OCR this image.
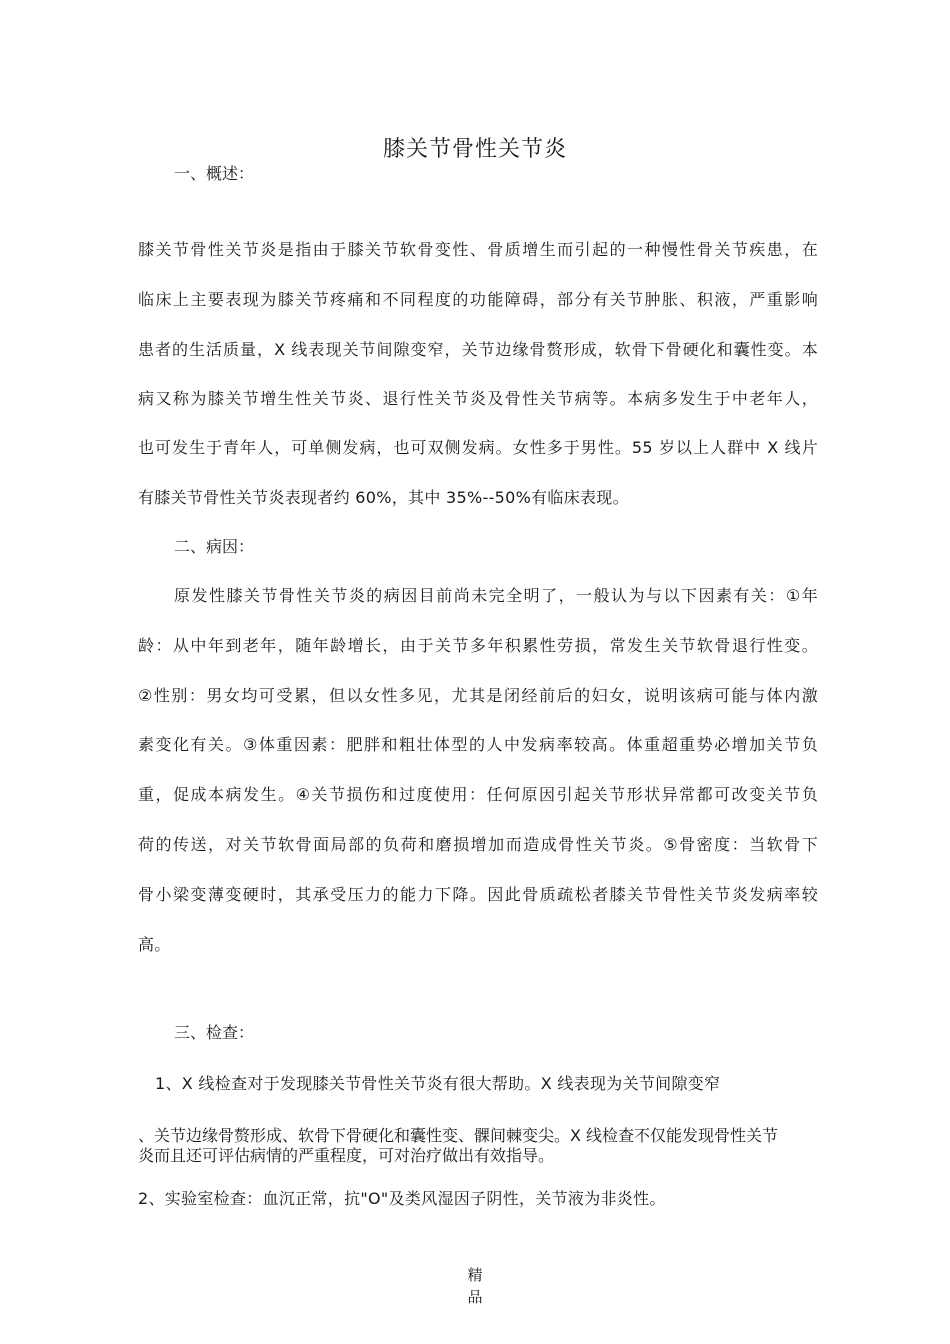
膝关节骨性关节炎
一、概述：
膝关节骨性关节炎是指由于膝关节软骨变性、骨质增生而引起的一种慢性骨关节疾患，在
临床上主要表现为膝关节疼痛和不同程度的功能障碍，部分有关节肿胀、积液，严重影响
患者的生活质量，X 线表现关节间隙变窄，关节边缘骨赘形成，软骨下骨硬化和囊性变。本
病又称为膝关节增生性关节炎、退行性关节炎及骨性关节病等。本病多发生于中老年人，
也可发生于青年人，可单侧发病，也可双侧发病。女性多于男性。55 岁以上人群中 X 线片
有膝关节骨性关节炎表现者约 60%，其中 35%--50%有临床表现。
二、病因：
原发性膝关节骨性关节炎的病因目前尚未完全明了，一般认为与以下因素有关：①年
龄：从中年到老年，随年龄增长，由于关节多年积累性劳损，常发生关节软骨退行性变。
②性别：男女均可受累，但以女性多见，尤其是闭经前后的妇女，说明该病可能与体内激
素变化有关。③体重因素：肥胖和粗壮体型的人中发病率较高。体重超重势必增加关节负
重，促成本病发生。④关节损伤和过度使用：任何原因引起关节形状异常都可改变关节负
荷的传送，对关节软骨面局部的负荷和磨损增加而造成骨性关节炎。⑤骨密度：当软骨下
骨小梁变薄变硬时，其承受压力的能力下降。因此骨质疏松者膝关节骨性关节炎发病率较
高。
三、检查：
1、X 线检查对于发现膝关节骨性关节炎有很大帮助。X 线表现为关节间隙变窄
、关节边缘骨赘形成、软骨下骨硬化和囊性变、髁间棘变尖。X 线检查不仅能发现骨性关节
炎而且还可评估病情的严重程度，可对治疗做出有效指导。
2、实验室检查：血沉正常，抗"O"及类风湿因子阴性，关节液为非炎性。
精
品
